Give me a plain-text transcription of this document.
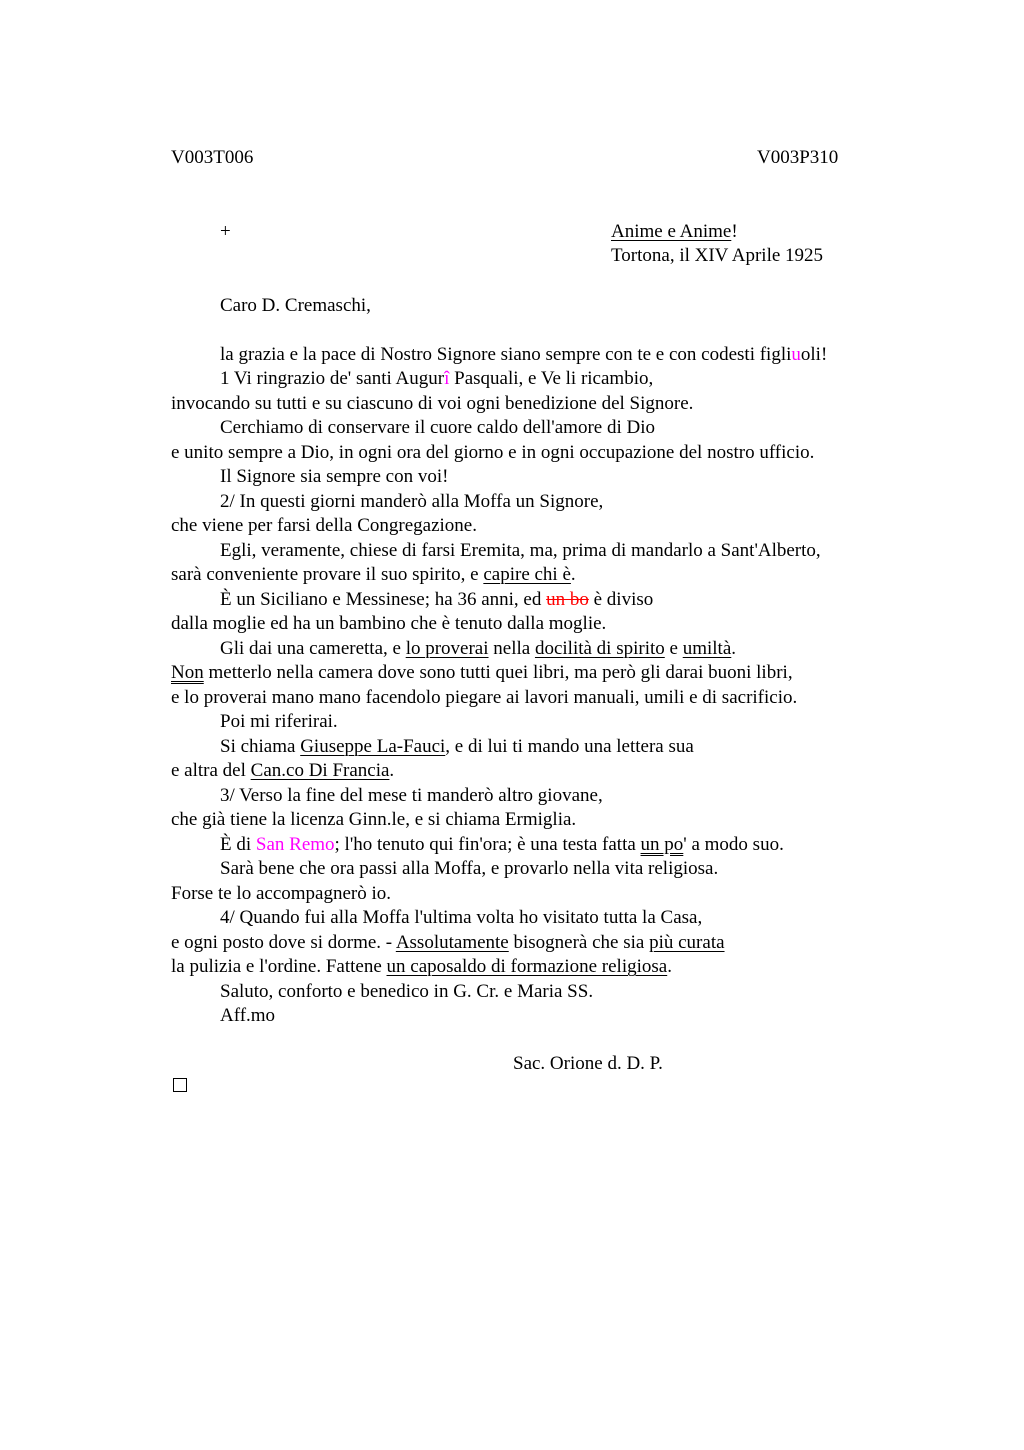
V003T006	V003P310
+	Anime e Anime!
Tortona, il XIV Aprile 1925
Caro D. Cremaschi,
la grazia e la pace di Nostro Signore siano sempre con te e con codesti figliuoli!
1 Vi ringrazio de' santi Augurî Pasquali, e Ve li ricambio,
invocando su tutti e su ciascuno di voi ogni benedizione del Signore.
Cerchiamo di conservare il cuore caldo dell'amore di Dio
e unito sempre a Dio, in ogni ora del giorno e in ogni occupazione del nostro ufficio.
Il Signore sia sempre con voi!
2/ In questi giorni manderò alla Moffa un Signore,
che viene per farsi della Congregazione.
Egli, veramente, chiese di farsi Eremita, ma, prima di mandarlo a Sant'Alberto,
sarà conveniente provare il suo spirito, e capire chi è.
È un Siciliano e Messinese; ha 36 anni, ed un bo è diviso
dalla moglie ed ha un bambino che è tenuto dalla moglie.
Gli dai una cameretta, e lo proverai nella docilità di spirito e umiltà.
Non metterlo nella camera dove sono tutti quei libri, ma però gli darai buoni libri,
e lo proverai mano mano facendolo piegare ai lavori manuali, umili e di sacrificio.
Poi mi riferirai.
Si chiama Giuseppe La-Fauci, e di lui ti mando una lettera sua
e altra del Can.co Di Francia.
3/ Verso la fine del mese ti manderò altro giovane,
che già tiene la licenza Ginn.le, e si chiama Ermiglia.
È di San Remo; l'ho tenuto qui fin'ora; è una testa fatta un po' a modo suo.
Sarà bene che ora passi alla Moffa, e provarlo nella vita religiosa.
Forse te lo accompagnerò io.
4/ Quando fui alla Moffa l'ultima volta ho visitato tutta la Casa,
e ogni posto dove si dorme. - Assolutamente bisognerà che sia più curata
la pulizia e l'ordine. Fattene un caposaldo di formazione religiosa.
Saluto, conforto e benedico in G. Cr. e Maria SS.
Aff.mo
Sac. Orione d. D. P.
